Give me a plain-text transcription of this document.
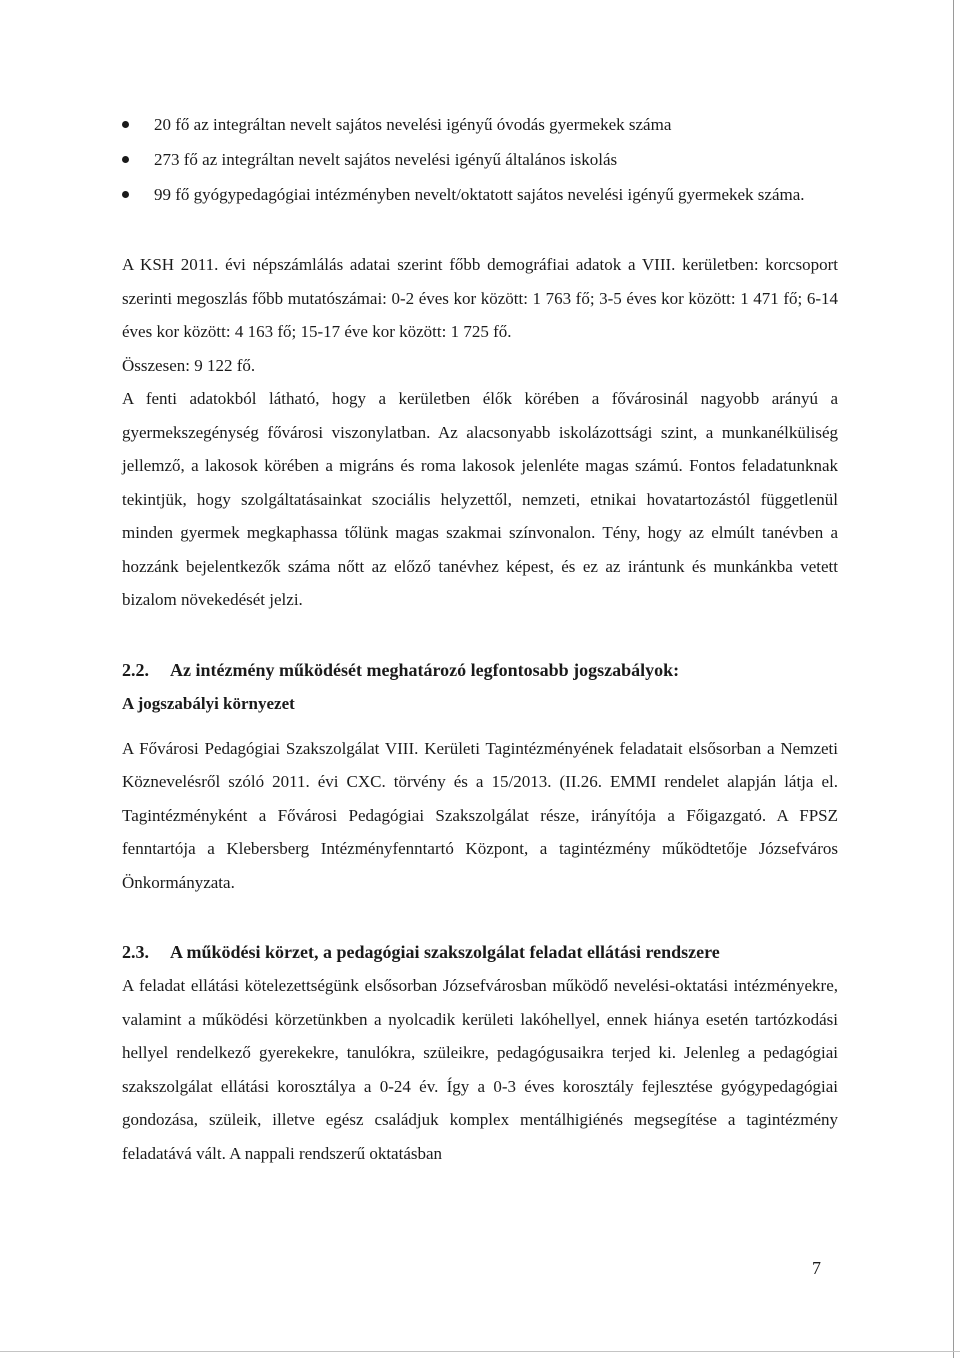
20 fő az integráltan nevelt sajátos nevelési igényű óvodás gyermekek száma
273 fő az integráltan nevelt sajátos nevelési igényű általános iskolás
99 fő gyógypedagógiai intézményben nevelt/oktatott sajátos nevelési igényű gyermekek száma.

A KSH 2011. évi népszámlálás adatai szerint főbb demográfiai adatok a VIII. kerületben: korcsoport szerinti megoszlás főbb mutatószámai: 0-2 éves kor között: 1 763 fő; 3-5 éves kor között: 1 471 fő; 6-14 éves kor között: 4 163 fő; 15-17 éve kor között: 1 725 fő.

Összesen: 9 122 fő.

A fenti adatokból látható, hogy a kerületben élők körében a fővárosinál nagyobb arányú a gyermekszegénység fővárosi viszonylatban. Az alacsonyabb iskolázottsági szint, a munkanélküliség jellemző, a lakosok körében a migráns és roma lakosok jelenléte magas számú. Fontos feladatunknak tekintjük, hogy szolgáltatásainkat szociális helyzettől, nemzeti, etnikai hovatartozástól függetlenül minden gyermek megkaphassa tőlünk magas szakmai színvonalon. Tény, hogy az elmúlt tanévben a hozzánk bejelentkezők száma nőtt az előző tanévhez képest, és ez az irántunk és munkánkba vetett bizalom növekedését jelzi.

2.2. Az intézmény működését meghatározó legfontosabb jogszabályok:
A jogszabályi környezet

A Fővárosi Pedagógiai Szakszolgálat VIII. Kerületi Tagintézményének feladatait elsősorban a Nemzeti Köznevelésről szóló 2011. évi CXC. törvény és a 15/2013. (II.26. EMMI rendelet alapján látja el. Tagintézményként a Fővárosi Pedagógiai Szakszolgálat része, irányítója a Főigazgató. A FPSZ fenntartója a Klebersberg Intézményfenntartó Központ, a tagintézmény működtetője Józsefváros Önkormányzata.

2.3. A működési körzet, a pedagógiai szakszolgálat feladat ellátási rendszere

A feladat ellátási kötelezettségünk elsősorban Józsefvárosban működő nevelési-oktatási intézményekre, valamint a működési körzetünkben a nyolcadik kerületi lakóhellyel, ennek hiánya esetén tartózkodási hellyel rendelkező gyerekekre, tanulókra, szüleikre, pedagógusaikra terjed ki. Jelenleg a pedagógiai szakszolgálat ellátási korosztálya a 0-24 év. Így a 0-3 éves korosztály fejlesztése gyógypedagógiai gondozása, szüleik, illetve egész családjuk komplex mentálhigiénés megsegítése a tagintézmény feladatává vált. A nappali rendszerű oktatásban

7
